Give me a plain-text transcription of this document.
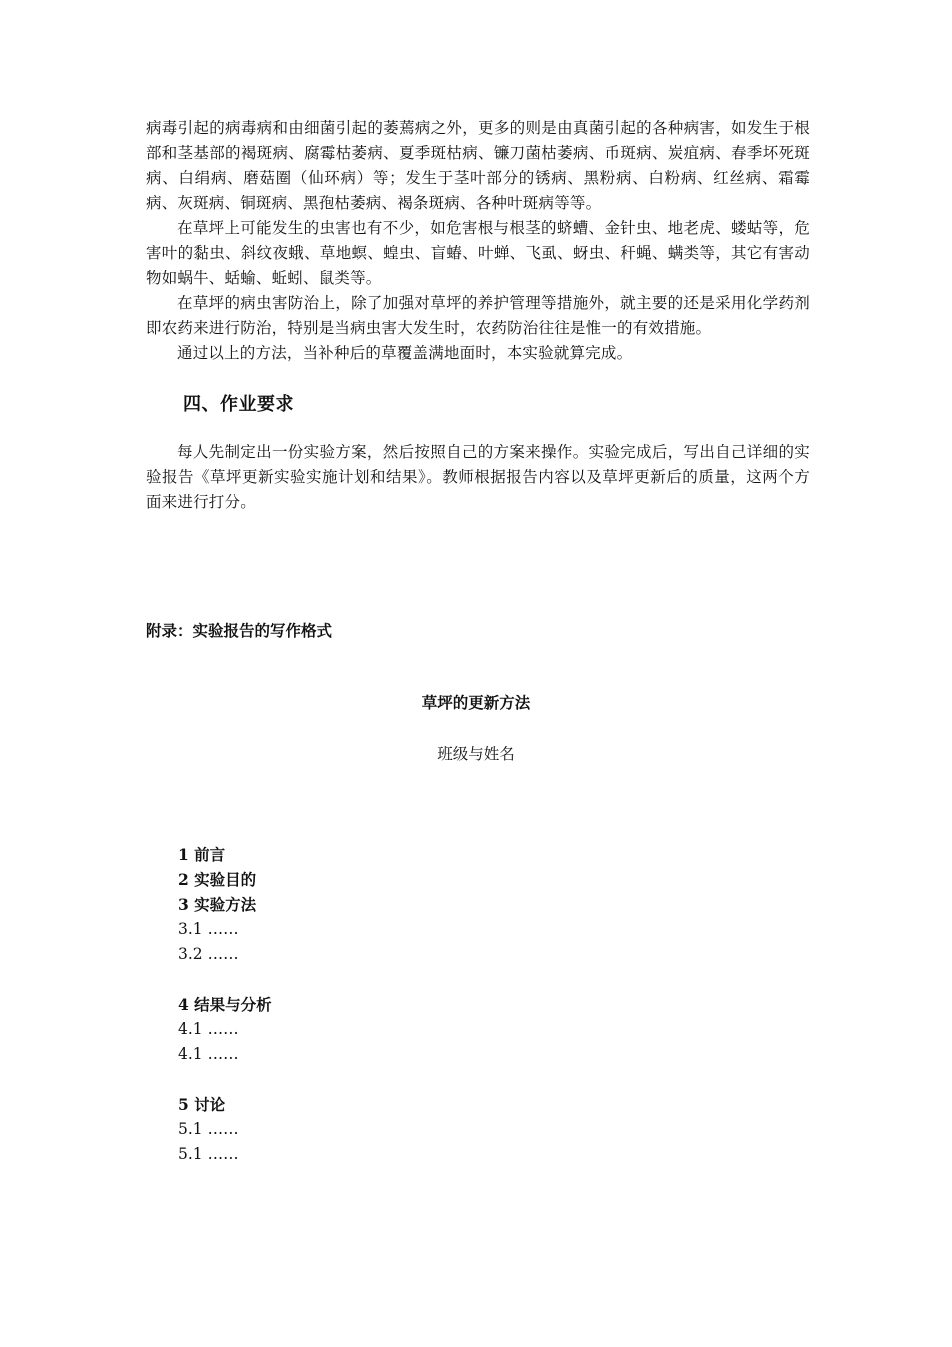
病毒引起的病毒病和由细菌引起的萎蔫病之外，更多的则是由真菌引起的各种病害，如发生于根部和茎基部的褐斑病、腐霉枯萎病、夏季斑枯病、镰刀菌枯萎病、币斑病、炭疽病、春季坏死斑病、白绢病、磨菇圈（仙环病）等；发生于茎叶部分的锈病、黑粉病、白粉病、红丝病、霜霉病、灰斑病、铜斑病、黑孢枯萎病、褐条斑病、各种叶斑病等等。

在草坪上可能发生的虫害也有不少，如危害根与根茎的蛴螬、金针虫、地老虎、蝼蛄等，危害叶的黏虫、斜纹夜蛾、草地螟、蝗虫、盲蝽、叶蝉、飞虱、蚜虫、秆蝇、螨类等，其它有害动物如蜗牛、蛞蝓、蚯蚓、鼠类等。

在草坪的病虫害防治上，除了加强对草坪的养护管理等措施外，就主要的还是采用化学药剂即农药来进行防治，特别是当病虫害大发生时，农药防治往往是惟一的有效措施。

通过以上的方法，当补种后的草覆盖满地面时，本实验就算完成。

四、作业要求

每人先制定出一份实验方案，然后按照自己的方案来操作。实验完成后，写出自己详细的实验报告《草坪更新实验实施计划和结果》。教师根据报告内容以及草坪更新后的质量，这两个方面来进行打分。

附录：实验报告的写作格式
草坪的更新方法
班级与姓名
1 前言
2 实验目的
3 实验方法
3.1 ……
3.2 ……
4 结果与分析
4.1 ……
4.1 ……
5 讨论
5.1 ……
5.1 ……
